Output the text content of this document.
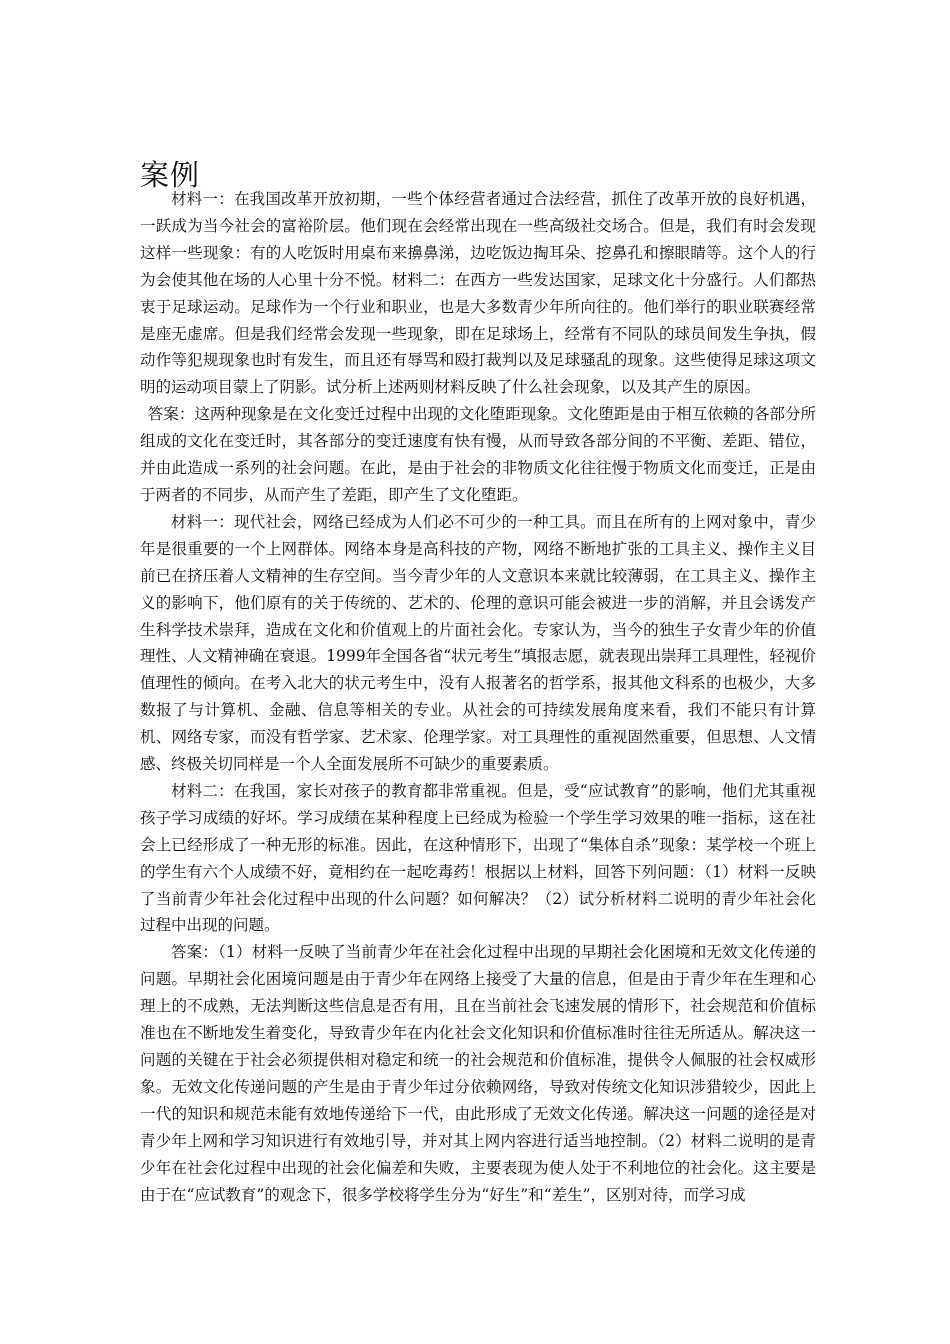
案例

材料一：在我国改革开放初期，一些个体经营者通过合法经营，抓住了改革开放的良好机遇，一跃成为当今社会的富裕阶层。他们现在会经常出现在一些高级社交场合。但是，我们有时会发现这样一些现象：有的人吃饭时用桌布来擤鼻涕，边吃饭边掏耳朵、挖鼻孔和擦眼睛等。这个人的行为会使其他在场的人心里十分不悦。材料二：在西方一些发达国家，足球文化十分盛行。人们都热衷于足球运动。足球作为一个行业和职业，也是大多数青少年所向往的。他们举行的职业联赛经常是座无虚席。但是我们经常会发现一些现象，即在足球场上，经常有不同队的球员间发生争执，假动作等犯规现象也时有发生，而且还有辱骂和殴打裁判以及足球骚乱的现象。这些使得足球这项文明的运动项目蒙上了阴影。试分析上述两则材料反映了什么社会现象，以及其产生的原因。

答案：这两种现象是在文化变迁过程中出现的文化堕距现象。文化堕距是由于相互依赖的各部分所组成的文化在变迁时，其各部分的变迁速度有快有慢，从而导致各部分间的不平衡、差距、错位，并由此造成一系列的社会问题。在此，是由于社会的非物质文化往往慢于物质文化而变迁，正是由于两者的不同步，从而产生了差距，即产生了文化堕距。

材料一：现代社会，网络已经成为人们必不可少的一种工具。而且在所有的上网对象中，青少年是很重要的一个上网群体。网络本身是高科技的产物，网络不断地扩张的工具主义、操作主义目前已在挤压着人文精神的生存空间。当今青少年的人文意识本来就比较薄弱，在工具主义、操作主义的影响下，他们原有的关于传统的、艺术的、伦理的意识可能会被进一步的消解，并且会诱发产生科学技术崇拜，造成在文化和价值观上的片面社会化。专家认为，当今的独生子女青少年的价值理性、人文精神确在衰退。1999年全国各省“状元考生”填报志愿，就表现出崇拜工具理性，轻视价值理性的倾向。在考入北大的状元考生中，没有人报著名的哲学系，报其他文科系的也极少，大多数报了与计算机、金融、信息等相关的专业。从社会的可持续发展角度来看，我们不能只有计算机、网络专家，而没有哲学家、艺术家、伦理学家。对工具理性的重视固然重要，但思想、人文情感、终极关切同样是一个人全面发展所不可缺少的重要素质。

材料二：在我国，家长对孩子的教育都非常重视。但是，受“应试教育”的影响，他们尤其重视孩子学习成绩的好坏。学习成绩在某种程度上已经成为检验一个学生学习效果的唯一指标，这在社会上已经形成了一种无形的标准。因此，在这种情形下，出现了“集体自杀”现象：某学校一个班上的学生有六个人成绩不好，竟相约在一起吃毒药！根据以上材料，回答下列问题：（1）材料一反映了当前青少年社会化过程中出现的什么问题？如何解决？（2）试分析材料二说明的青少年社会化过程中出现的问题。

答案：（1）材料一反映了当前青少年在社会化过程中出现的早期社会化困境和无效文化传递的问题。早期社会化困境问题是由于青少年在网络上接受了大量的信息，但是由于青少年在生理和心理上的不成熟，无法判断这些信息是否有用，且在当前社会飞速发展的情形下，社会规范和价值标准也在不断地发生着变化，导致青少年在内化社会文化知识和价值标准时往往无所适从。解决这一问题的关键在于社会必须提供相对稳定和统一的社会规范和价值标准，提供令人佩服的社会权威形象。无效文化传递问题的产生是由于青少年过分依赖网络，导致对传统文化知识涉猎较少，因此上一代的知识和规范未能有效地传递给下一代，由此形成了无效文化传递。解决这一问题的途径是对青少年上网和学习知识进行有效地引导，并对其上网内容进行适当地控制。（2）材料二说明的是青少年在社会化过程中出现的社会化偏差和失败，主要表现为使人处于不利地位的社会化。这主要是由于在“应试教育”的观念下，很多学校将学生分为“好生”和“差生”，区别对待，而学习成
